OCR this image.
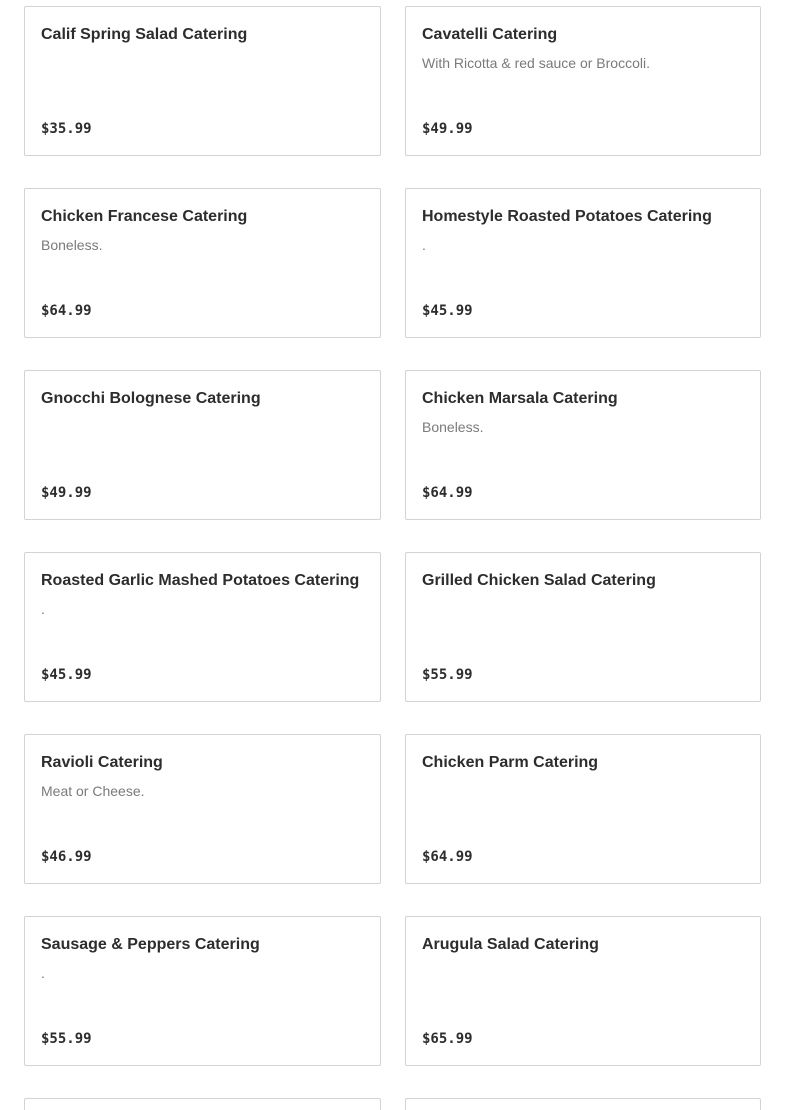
Calif Spring Salad Catering
$35.99
Cavatelli Catering
With Ricotta & red sauce or Broccoli.
$49.99
Chicken Francese Catering
Boneless.
$64.99
Homestyle Roasted Potatoes Catering
.
$45.99
Gnocchi Bolognese Catering
$49.99
Chicken Marsala Catering
Boneless.
$64.99
Roasted Garlic Mashed Potatoes Catering
.
$45.99
Grilled Chicken Salad Catering
$55.99
Ravioli Catering
Meat or Cheese.
$46.99
Chicken Parm Catering
$64.99
Sausage & Peppers Catering
.
$55.99
Arugula Salad Catering
$65.99
